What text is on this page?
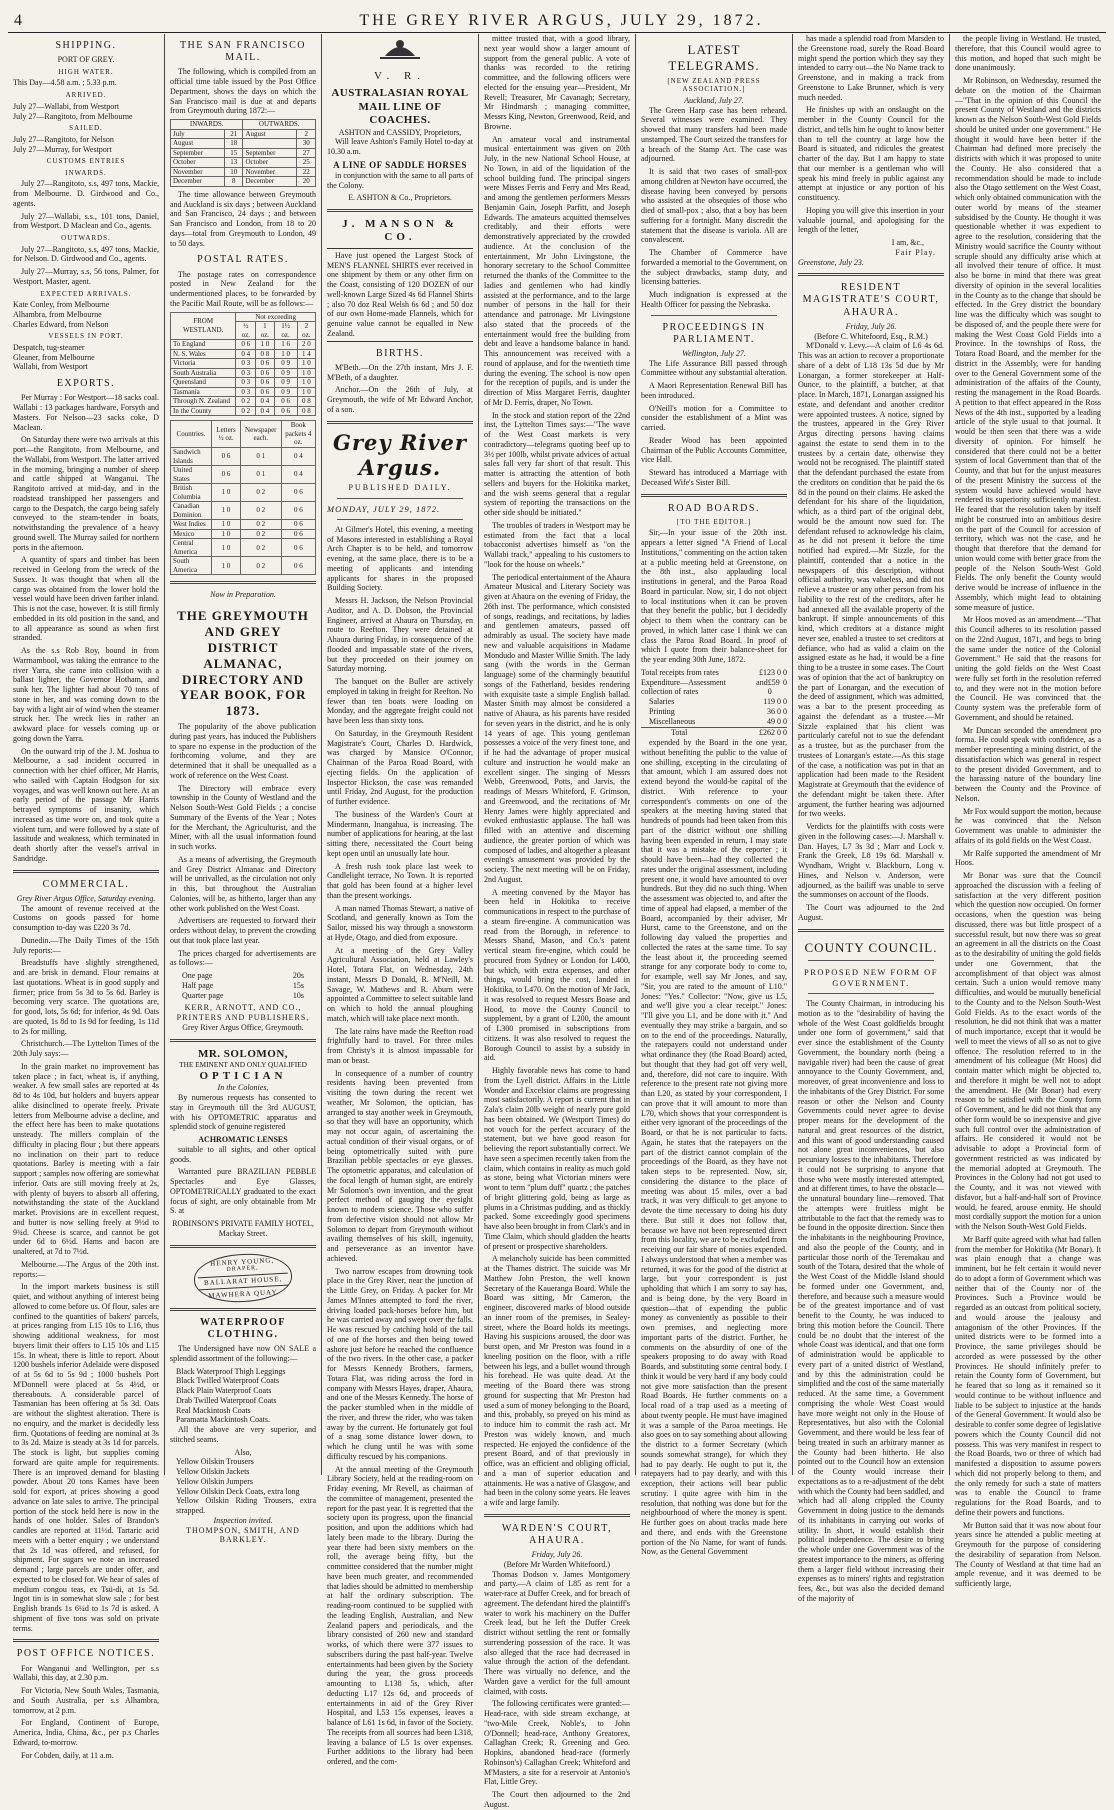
4	THE GREY RIVER ARGUS, JULY 29, 1872.
SHIPPING.
PORT OF GREY.
HIGH WATER.
This Day—4.58 a.m. ; 5.33 p.m.
ARRIVED.
July 27—Wallabi, from Westport
July 27—Rangitoto, from Melbourne
SAILED.
July 27—Rangitoto, for Nelson
July 27—Murray, for Westport
CUSTOMS ENTRIES
INWARDS.

July 27—Rangitoto, s.s, 497 tons, Mackie, from Melbourne. D. Girdwood and Co., agents.

July 27—Wallabi, s.s., 101 tons, Daniel, from Westport. D Maclean and Co., agents.

OUTWARDS.

July 27—Rangitoto, s.s, 497 tons, Mackie, for Nelson. D. Girdwood and Co., agents.

July 27—Murray, s.s, 56 tons, Palmer, for Westport. Master, agent.

EXPECTED ARRIVALS.
Kate Conley, from Melbourne
Alhambra, from Melbourne
Charles Edward, from Nelson
VESSELS IN PORT.
Despatch, tug-steamer
Gleaner, from Melbourne
Wallabi, from Westport
EXPORTS.

Per Murray : For Westport—18 sacks coal. Wallabi : 13 packages hardware, Forsyth and Masters. For Nelson—23 sacks coke, D Maclean.

On Saturday there were two arrivals at this port—the Rangitoto, from Melbourne, and the Wallabi, from Westport. The latter arrived in the morning, bringing a number of sheep and cattle shipped at Wanganui. The Rangitoto arrived at mid-day, and in the roadstead transhipped her passengers and cargo to the Despatch, the cargo being safely conveyed to the steam-tender in boats, notwithstanding the prevalence of a heavy ground swell. The Murray sailed for northern ports in the afternoon.

A quantity of spars and timber has been received in Geelong from the wreck of the Sussex. It was thought that when all the cargo was obtained from the lower hold the vessel would have been driven farther inland. This is not the case, however. It is still firmly embedded in its old position in the sand, and to all appearance as sound as when first stranded.

As the s.s Rob Roy, bound in from Warrnambool, was taking the entrance to the river Yarra, she came into collision with a ballast lighter, the Governor Hotham, and sunk her. The lighter had about 70 tons of stone in her, and was coming down to the bay with a light air of wind when the steamer struck her. The wreck lies in rather an awkward place for vessels coming up or going down the Yarra.

On the outward trip of the J. M. Joshua to Melbourne, a sad incident occurred in connection with her chief officer, Mr Harris, who sailed with Captain Hodgson for six voyages, and was well known out here. At an early period of the passage Mr Harris betrayed symptoms of insanity, which increased as time wore on, and took quite a violent turn, and were followed by a state of lassitude and weakness, which terminated in death shortly after the vessel's arrival in Sandridge.

COMMERCIAL.
Grey River Argus Office, Saturday evening.

The amount of revenue received at the Customs on goods passed for home consumption to-day was £220 3s 7d.

Dunedin.—The Daily Times of the 15th July reports:—

Breadstuffs have slightly strengthened, and are brisk in demand. Flour remains at last quotations. Wheat is in good supply and firmer; price from 5s 3d to 5s 6d. Barley is becoming very scarce. The quotations are, for good, lots, 5s 6d; for inferior, 4s 9d. Oats are quoted, 1s 8d to 1s 9d for feeding, 1s 11d to 2s for milling.

Christchurch.—The Lyttelton Times of the 20th July says:—

In the grain market no improvement has taken place ; in fact, wheat is, if anything, weaker. A few small sales are reported at 4s 8d to 4s 10d, but holders and buyers appear alike disinclined to operate freely. Private letters from Melbourne advise a decline, and the effect here has been to make quotations unsteady. The millers complain of the difficulty in placing flour ; but there appears no inclination on their part to reduce quotations. Barley is meeting with a fair support ; samples now offering are somewhat inferior. Oats are still moving freely at 2s, with plenty of buyers to absorb all offering, notwithstanding the state of the Auckland market. Provisions are in excellent request, and butter is now selling freely at 9½d to 9¾d. Cheese is scarce, and cannot be got under 6d to 6½d. Hams and bacon are unaltered, at 7d to 7½d.

Melbourne.—The Argus of the 20th inst. reports:—

In the import markets business is still quiet, and without anything of interest being allowed to come before us. Of flour, sales are confined to the quantities of bakers' parcels, at prices ranging from L15 10s to L16, thus showing additional weakness, for most buyers limit their offers to L15 10s and L15 15s. In wheat, there is little to report. About 1200 bushels inferior Adelaide were disposed of at 5s 6d to 5s 9d ; 1000 bushels Port M'Donnell were placed at 5s 4½d, or thereabouts. A considerable parcel of Tasmanian has been offering at 5s 3d. Oats are without the slightest alteration. There is no enquiry, and the market is decidedly less firm. Quotations of feeding are nominal at 3s to 3s 2d. Maize is steady at 3s 1d for parcels. The stock is light, but supplies coming forward are quite ample for requirements. There is an improved demand for blasting powder. About 20 tons Kames have been sold for export, at prices showing a good advance on late sales to arrive. The principal portion of the stock held here is now in the hands of one holder. Sales of Brandon's candles are reported at 11½d. Tartaric acid meets with a better enquiry ; we understand that 2s 1d was offered, and refused, for shipment. For sugars we note an increased demand ; large parcels are under offer, and expected to be closed for. We hear of sales of medium congou teas, ex Tsü-di, at 1s 5d. Ingot tin is in somewhat slow sale ; for best English brands 1s 6¼d to 1s 7d is asked. A shipment of five tons was sold on private terms.

POST OFFICE NOTICES.

For Wanganui and Wellington, per s.s Wallabi, this day, at 2.30 p.m.

For Victoria, New South Wales, Tasmania, and South Australia, per s.s Alhambra, tomorrow, at 2 p.m.

For England, Continent of Europe, America, India, China, &c., per p.s Charles Edward, to-morrow.

For Cobden, daily, at 11 a.m.

THE SAN FRANCISCO MAIL.

The following, which is compiled from an official time table issued by the Post Office Department, shows the days on which the San Francisco mail is due at and departs from Greymouth during 1872:—

INWARDS.		OUTWARDS.	
July	21	August	2
August	18		30
September	15	September	27
October	13	October	25
November	10	November	22
December	8	December	20

The time allowance between Greymouth and Auckland is six days ; between Auckland and San Francisco, 24 days ; and between San Francisco and London, from 18 to 20 days—total from Greymouth to London, 49 to 50 days.

POSTAL RATES.

The postage rates on correspondence posted in New Zealand for the undermentioned places, to be forwarded by the Pacific Mail Route, will be as follows:—

FROM WESTLAND.	Not exceeding			
	½ oz.	1 oz.	1½ oz.	2 oz.
To England	0 6	1 0	1 6	2 0
N. S. Wales	0 4	0 8	1 0	1 4
Victoria	0 3	0 6	0 9	1 0
South Australia	0 3	0 6	0 9	1 0
Queensland	0 3	0 6	0 9	1 0
Tasmania	0 3	0 6	0 9	1 0
Through N. Zealand	0 2	0 4	0 6	0 8
In the County	0 2	0 4	0 6	0 8
Countries.	Letters ½ oz.	Newspaper each.	Book packets 4 oz.
Sandwich Islands	0 6	0 1	0 4
United States	0 6	0 1	0 4
British Columbia	1 0	0 2	0 6
Canadian Dominion	1 0	0 2	0 6
West Indies	1 0	0 2	0 6
Mexico	1 0	0 2	0 6
Central America	1 0	0 2	0 6
South America	1 0	0 2	0 6
Now in Preparation.
THE GREYMOUTH AND GREY DISTRICT ALMANAC, DIRECTORY AND YEAR BOOK, FOR 1873.

The popularity of the above publication during past years, has induced the Publishers to spare no expense in the production of the forthcoming volume, and they are determined that it shall be unequalled as a work of reference on the West Coast.

The Directory will embrace every township in the County of Westland and the Nelson South-West Gold Fields ; a concise Summary of the Events of the Year ; Notes for the Merchant, the Agriculturist, and the Miner, with all the usual information found in such works.

As a means of advertising, the Greymouth and Grey District Almanac and Directory will be unrivalled, as the circulation not only in this, but throughout the Australian Colonies, will be, as hitherto, larger than any other work published on the West Coast.

Advertisers are requested to forward their orders without delay, to prevent the crowding out that took place last year.

The prices charged for advertisements are as follows:—

One page	20s
Half page	15s
Quarter page	10s
KERR, ARNOTT, AND CO., PRINTERS AND PUBLISHERS,
Grey River Argus Office, Greymouth.
MR. SOLOMON,
THE EMINENT AND ONLY QUALIFIED
OPTICIAN
In the Colonies,

By numerous requests has consented to stay in Greymouth till the 3rd AUGUST, with his OPTOMETRIC apparatus and splendid stock of genuine registered

ACHROMATIC LENSES

suitable to all sights, and other optical goods.

Warranted pure BRAZILIAN PEBBLE Spectacles and Eye Glasses, OPTOMETRICALLY graduated to the exact focus of sight, are only obtainable from Mr S. at

ROBINSON'S PRIVATE FAMILY HOTEL, Mackay Street.
HENRY YOUNG,
DRAPER,
BALLARAT HOUSE,
MAWHERA QUAY.
WATERPROOF CLOTHING.

The Undersigned have now ON SALE a splendid assortment of the following:—

Black Waterproof Thigh Leggings
Black Twilled Waterproof Coats
Black Plain Waterproof Coats
Drab Twilled Waterproof Coats
Real Mackintosh Coats
Paramatta Mackintosh Coats.

All the above are very superior, and stitched seams.

Also,
Yellow Oilskin Trousers
Yellow Oilskin Jackets
Yellow Oilskin Jumpers
Yellow Oilskin Deck Coats, extra long
Yellow Oilskin Riding Trousers, extra strapped.
Inspection invited.
THOMPSON, SMITH, AND BARKLEY.
V. R.
AUSTRALASIAN ROYAL MAIL LINE OF COACHES.
ASHTON and CASSIDY, Proprietors,

Will leave Ashton's Family Hotel to-day at 10.30 a.m.

A LINE OF SADDLE HORSES

in conjunction with the same to all parts of the Colony.

E. ASHTON & Co., Proprietors.
J. MANSON & CO.

Have just opened the Largest Stock of MEN'S FLANNEL SHIRTS ever received in one shipment by them or any other firm on the Coast, consisting of 120 DOZEN of our well-known Large Sized 4s 6d Flannel Shirts ; also 70 doz Real Welsh 6s 6d ; and 50 doz of our own Home-made Flannels, which for genuine value cannot be equalled in New Zealand.

BIRTHS.

M'Beth.—On the 27th instant, Mrs J. F. M'Beth, of a daughter.

Anchor.—On the 26th of July, at Greymouth, the wife of Mr Edward Anchor, of a son.

Grey River Argus.
PUBLISHED DAILY.
MONDAY, JULY 29, 1872.

At Gilmer's Hotel, this evening, a meeting of Masons interested in establishing a Royal Arch Chapter is to be held, and tomorrow evening, at the same place, there is to be a meeting of applicants and intending applicants for shares in the proposed Building Society.

Messrs H. Jackson, the Nelson Provincial Auditor, and A. D. Dobson, the Provincial Engineer, arrived at Ahaura on Thursday, en route to Reefton. They were detained at Ahaura during Friday, in consequence of the flooded and impassable state of the rivers, but they proceeded on their journey on Saturday morning.

The banquet on the Buller are actively employed in taking in freight for Reefton. No fewer than ten boats were loading on Monday, and the aggregate freight could not have been less than sixty tons.

On Saturday, in the Greymouth Resident Magistrate's Court, Charles D. Hardwick, was charged by Mansice O'Connor, Chairman of the Paroa Road Board, with ejecting fields. On the application of Inspector Hickson, the case was remanded until Friday, 2nd August, for the production of further evidence.

The business of the Warden's Court at Mindermann, Inangahua, is increasing. The number of applications for hearing, at the last sitting there, necessitated the Court being kept open until an unusually late hour.

A fresh rush took place last week to Candlelight terrace, No Town. It is reported that gold has been found at a higher level than the present workings.

A man named Thomas Stewart, a native of Scotland, and generally known as Tom the Sailor, missed his way through a snowstorm at Hyde, Otago, and died from exposure.

At a meeting of the Grey Valley Agricultural Association, held at Lawley's Hotel, Totara Flat, on Wednesday, 24th instant, Messrs D Donald, R. M'Neill, M. Savage, W. Mathews and R. Aburn were appointed a Committee to select suitable land on which to hold the annual ploughing match, which will take place next month.

The late rains have made the Reefton road frightfully hard to travel. For three miles from Christy's it is almost impassable for man or beast.

In consequence of a number of country residents having been prevented from visiting the town during the recent wet weather, Mr Solomon, the optician, has arranged to stay another week in Greymouth, so that they will have an opportunity, which may not occur again, of ascertaining the actual condition of their visual organs, or of being optometrically suited with pure Brazilian pebble spectacles or eye glasses. The optometric apparatus, and calculation of the focal length of human sight, are entirely Mr Solomon's own invention, and the great perfect method of gauging the eyesight known to modern science. Those who suffer from defective vision should not allow Mr Solomon to depart from Greymouth without availing themselves of his skill, ingenuity, and perseverance as an inventor have achieved.

Two narrow escapes from drowning took place in the Grey River, near the junction of the Little Grey, on Friday. A packer for Mr James M'Innes attempted to ford the river, driving loaded pack-horses before him, but he was carried away and swept over the falls. He was rescued by catching hold of the tail of one of the horses and then being towed ashore just before he reached the confluence of the two rivers. In the other case, a packer for Messrs Kennedy Brothers, farmers, Totara Flat, was riding across the ford in company with Messrs Hayes, draper, Ahaura, and one of the Messrs Kennedy. The horse of the packer stumbled when in the middle of the river, and threw the rider, who was taken away by the current. He fortunately got foul of a snag some distance lower down, to which he clung until he was with some difficulty rescued by his companions.

At the annual meeting of the Greymouth Library Society, held at the reading-room on Friday evening, Mr Revell, as chairman of the committee of management, presented the report for the past year. It is regretted that the society upon its progress, upon the financial position, and upon the additions which had lately been made to the library. During the year there had been sixty members on the roll, the average being fifty, but the committee considered that the number might have been much greater, and recommended that ladies should be admitted to membership at half the ordinary subscription. The reading-room continued to be supplied with the leading English, Australian, and New Zealand papers and periodicals, and the library consisted of 260 new and standard works, of which there were 377 issues to subscribers during the past half-year. Twelve entertainments had been given by the Society during the year, the gross proceeds amounting to L138 5s, which, after deducting L17 12s 6d, and proceeds of entertainments in aid of the Grey River Hospital, and L53 15s expenses, leaves a balance of L61 1s 6d, in favor of the Society. The receipts from all sources had been L318, leaving a balance of L5 1s over expenses. Further additions to the library had been ordered, and the com-

mittee trusted that, with a good library, next year would show a larger amount of support from the general public. A vote of thanks was recorded to the retiring committee, and the following officers were elected for the ensuing year—President, Mr Revell; Treasurer, Mr Cavanagh; Secretary, Mr Hindmarsh ; managing committee, Messrs King, Newton, Greenwood, Reid, and Browne.

An amateur vocal and instrumental musical entertainment was given on 20th July, in the new National School House, at No Town, in aid of the liquidation of the school building fund. The principal singers were Misses Ferris and Ferry and Mrs Read, and among the gentlemen performers Messrs Benjamin Gain, Joseph Parfitt, and Joseph Edwards. The amateurs acquitted themselves creditably, and their efforts were demonstratively appreciated by the crowded audience. At the conclusion of the entertainment, Mr John Livingstone, the honorary secretary to the School Committee returned the thanks of the Committee to the ladies and gentlemen who had kindly assisted at the performance, and to the large number of persons in the hall for their attendance and patronage. Mr Livingstone also stated that the proceeds of the entertainment would free the building from debt and leave a handsome balance in hand. This announcement was received with a round of applause, and for the twentieth time during the evening. The school is now open for the reception of pupils, and is under the direction of Miss Margaret Ferris, daughter of Mr D. Ferris, draper, No Town.

In the stock and station report of the 22nd inst, the Lyttelton Times says:—"The wave of the West Coast markets is very contradictory—telegrams quoting beef up to 3½ per 100lb, whilst private advices of actual sales fall very far short of that result. This matter is attracting the attention of both sellers and buyers for the Hokitika market, and the wish seems general that a regular system of reporting the transactions on the other side should be initiated."

The troubles of traders in Westport may be estimated from the fact that a local tobacconist advertises himself as "on the Wallabi track," appealing to his customers to "look for the house on wheels."

The periodical entertainment of the Ahaura Amateur Musical and Literary Society was given at Ahaura on the evening of Friday, the 26th inst. The performance, which consisted of songs, readings, and recitations, by ladies and gentlemen amateurs, passed off admirably as usual. The society have made new and valuable acquisitions in Madame Mondudo and Master Willie Smith. The lady sang (with the words in the German language) some of the charmingly beautiful songs of the Fatherland, besides rendering with exquisite taste a simple English ballad. Master Smith may almost be considered a native of Ahaura, as his parents have resided for seven years in the district, and he is only 14 years of age. This young gentleman possesses a voice of the very finest tone, and if he had the advantage of proper musical culture and instruction he would make an excellent singer. The singing of Messrs Webb, Greenwood, Potts, and Jarvis, the readings of Messrs Whiteford, F. Grimson, and Greenwood, and the recitations of Mr Henry James were highly appreciated and evoked enthusiastic applause. The hall was filled with an attentive and discerning audience, the greater portion of which was composed of ladies, and altogether a pleasant evening's amusement was provided by the society. The next meeting will be on Friday, 2nd August.

A meeting convened by the Mayor has been held in Hokitika to receive communications in respect to the purchase of a steam fire-engine. A communication was read from the Borough, in reference to Messrs Shand, Mason, and Co.'s patent vertical steam fire-engine, which could be procured from Sydney or London for L400, but which, with extra expenses, and other things, would bring the cost, landed in Hokitika, to L470. On the motion of Mr Jack, it was resolved to request Messrs Boase and Hood, to move the County Council to supplement, by a grant of L200, the amount of L300 promised in subscriptions from citizens. It was also resolved to request the Borough Council to assist by a subsidy in aid.

Highly favorable news has come to hand from the Lyell district. Affairs in the Little Wonder and Excelsior claims are progressing most satisfactorily. A report is current that in Zala's claim 20lb weight of nearly pure gold has been obtained. We (Westport Times) do not vouch for the perfect accuracy of the statement, but we have good reason for believing the report substantially correct. We have seen a specimen recently taken from the claim, which contains in reality as much gold as stone, being what Victorian miners were wont to term "plum duff" quartz ; the patches of bright glittering gold, being as large as plums in a Christmas pudding, and as thickly packed. Some exceedingly good specimens have also been brought in from Clark's and in Time Claim, which should gladden the hearts of present or prospective shareholders.

A melancholy suicide has been committed at the Thames district. The suicide was Mr Matthew John Preston, the well known Secretary of the Kaueranga Board. While the Board was sitting, Mr Cameron, the engineer, discovered marks of blood outside an inner room of the premises, in Sealey-street, where the Board holds its meetings. Having his suspicions aroused, the door was burst open, and Mr Preston was found in a kneeling position on the floor, with a rifle between his legs, and a bullet wound through his forehead. He was quite dead. At the meeting of the Board there was strong ground for suspecting that Mr Preston had used a sum of money belonging to the Board, and this, probably, so preyed on his mind as to induce him to commit the rash act. Mr Preston was widely known, and much respected. He enjoyed the confidence of the present Board, and of that previously in office, was an efficient and obliging official, and a man of superior education and attainments. He was a native of Glasgow, and had been in the colony some years. He leaves a wife and large family.

WARDEN'S COURT, AHAURA.
Friday, July 26.
(Before Mr Warden Whitefoord.)

Thomas Dodson v. James Montgomery and party.—A claim of L85 as rent for a water-race at Duffer Creek, and for breach of agreement. The defendant hired the plaintiff's water to work his machinery on the Duffer Creek lead, but he left the Duffer Creek district without settling the rent or formally surrendering possession of the race. It was also alleged that the race had decreased in value through the action of the defendant. There was virtually no defence, and the Warden gave a verdict for the full amount claimed, with costs.

The following certificates were granted:—Head-race, with side stream exchange, at "two-Mile Creek, Noble's, to John O'Donnell; head-race, Anthony Greatorex, Callaghan Creek; R. Greening and Geo. Hopkins, abandoned head-race (formerly Robinson's) Callaghan Creek; Whiteford and M'Masters, a site for a reservoir at Antonio's Flat, Little Grey.

The Court then adjourned to the 2nd August.

LATEST TELEGRAMS.
[NEW ZEALAND PRESS ASSOCIATION.]
Auckland, July 27.

The Green Harp case has been reheard. Several witnesses were examined. They showed that many transfers had been made unstamped. The Court seized the transfers for a breach of the Stamp Act. The case was adjourned.

It is said that two cases of small-pox among children at Newton have occurred, the disease having been conveyed by persons who assisted at the obsequies of those who died of small-pox ; also, that a boy has been suffering for a fortnight. Many discredit the statement that the disease is variola. All are convalescent.

The Chamber of Commerce have forwarded a memorial to the Government, on the subject drawbacks, stamp duty, and licensing batteries.

Much indignation is expressed at the Health Officer for passing the Nebraska.

PROCEEDINGS IN PARLIAMENT.
Wellington, July 27.

The Life Assurance Bill passed through Committee without any substantial alteration.

A Maori Representation Renewal Bill has been introduced.

O'Neill's motion for a Committee to consider the establishment of a Mint was carried.

Reader Wood has been appointed Chairman of the Public Accounts Committee, vice Hall.

Steward has introduced a Marriage with Deceased Wife's Sister Bill.

ROAD BOARDS.
[TO THE EDITOR.]

Sir,—In your issue of the 20th inst. appears a letter signed "A Friend of Local Institutions," commenting on the action taken at a public meeting held at Greenstone, on the 8th inst., also applauding local institutions in general, and the Paroa Road Board in particular. Now, sir, I do not object to local institutions when it can be proven that they benefit the public, but I decidedly object to them when the contrary can be proved, in which latter case I think we can class the Paroa Road Board. In proof of which I quote from their balance-sheet for the year ending 30th June, 1872.

Total receipts from rates	£123 0 0
Expenditure—Assessment and collection of rates
£59 0 0
Salaries	119 0 0
Printing	36 0 0
Miscellaneous	49 0 0
Total	£262 0 0

expended by the Board in the one year, without benefiting the public to the value of one shilling, excepting in the circulating of that amount, which I am assured does not extend beyond the would-be capital of the district. With reference to your correspondent's comments on one of the speakers at the meeting having stated that hundreds of pounds had been taken from this part of the district without one shilling having been expended in return, I may state that it was a mistake of the reporter ; it should have been—had they collected the rates under the original assessment, including present one, it would have amounted to over hundreds. But they did no such thing. When the assessment was objected to, and after the time of appeal had elapsed, a member of the Board, accompanied by their adviser, Mr Hurst, came to the Greenstone, and on the following day valued the properties and collected the rates at the same time. To say the least about it, the proceeding seemed strange for any corporate body to come to, for example, well say Mr Jones, and say, "Sir, you are rated to the amount of L10." Jones: "Yes." Collector: "Now, give us L5, and we'll give you a clear receipt." Jones: "I'll give you L1, and be done with it." And eventually they may strike a bargain, and so on to the end of the proceedings. Naturally, the ratepayers could not understand under what ordinance they (the Road Board) acted, but thought that they had got off very well, and, therefore, did not care to inquire. With reference to the present rate not giving more than L20, as stated by your correspondent, I can prove that it will amount to more than L70, which shows that your correspondent is either very ignorant of the proceedings of the Board, or that he is not particular to facts. Again, he states that the ratepayers on the part of the district cannot complain of the proceedings of the Board, as they have not taken steps to be represented. Now, sir, considering the distance to the place of meeting was about 15 miles, over a bad track, it was very difficult to get anyone to devote the time necessary to doing his duty there. But still it does not follow that, because we have not been represented direct from this locality, we are to be excluded from receiving our fair share of monies expended. I always understood that when a member was returned, it was for the good of the district at large, but your correspondent is just upholding that which I am sorry to say has, and is being done, by the very Board in question—that of expending the public money as conveniently as possible to their own premises, and neglecting more important parts of the district. Further, he comments on the absurdity of one of the speakers proposing to do away with Road Boards, and substituting some central body. I think it would be very hard if any body could not give more satisfaction than the present Road Boards. He further comments on a local road of a trap used as a meeting of about twenty people. He must have imagined it was a sample of the Paroa meetings. He also goes on to say something about allowing the district to a former Secretary (which sounds somewhat strange), for which they had to pay dearly. He ought to put it, the ratepayers had to pay dearly, and with this exception, their actions will bear public scrutiny. I quite agree with him in the resolution, that nothing was done but for the neighbourhood of where the money is spent. He further goes on about tracks made here and there, and ends with the Greenstone portion of the No Name, for want of funds. Now, as the General Government

has made a splendid road from Marsden to the Greenstone road, surely the Road Board might spend the portion which they say they intended to carry out—the No Name track to Greenstone, and in making a track from Greenstone to Lake Brunner, which is very much needed.

He finishes up with an onslaught on the member in the County Council for the district, and tells him he ought to know better than to tell the country at large how the Board is situated, and ridicules the greatest charter of the day. But I am happy to state that our member is a gentleman who will speak his mind freely in public against any attempt at injustice or any portion of his constituency.

Hoping you will give this insertion in your valuable journal, and apologising for the length of the letter,

I am, &c.,
Fair Play.
Greenstone, July 23.
RESIDENT MAGISTRATE'S COURT, AHAURA.
Friday, July 26.
(Before C. Whitefoord, Esq., R.M.)

M'Donald v. Levy.—A claim of L6 4s 6d. This was an action to recover a proportionate share of a debt of L18 13s 5d due by Mr Lonargan, a former storekeeper at Half-Ounce, to the plaintiff, a butcher, at that place. In March, 1871, Lonargan assigned his estate, and defendant and another creditor were appointed trustees. A notice, signed by the trustees, appeared in the Grey River Argus directing persons having claims against the estate to send them in to the trustees by a certain date, otherwise they would not be recognised. The plaintiff stated that the defendant purchased the estate from the creditors on condition that he paid the 6s 8d in the pound on their claims. He asked the defendant for his share of the liquidation, which, as a third part of the original debt, would be the amount now sued for. The defendant refused to acknowledge his claim, as he did not present it before the time notified had expired.—Mr Sizzle, for the plaintiff, contended that a notice in the newspapers of this description, without official authority, was valueless, and did not relieve a trustee or any other person from his liability to the rest of the creditors, after he had annexed all the available property of the bankrupt. If simple announcements of this kind, which creditors at a distance might never see, enabled a trustee to set creditors at defiance, who had as valid a claim on the assigned estate as he had, it would be a fine thing to be a trustee in some cases. The Court was of opinion that the act of bankruptcy on the part of Lonargan, and the execution of the deed of assignment, which was admitted, was a bar to the present proceeding as against the defendant as a trustee.—Mr Sizzle explained that his client was particularly careful not to sue the defendant as a trustee, but as the purchaser from the trustees of Lonargan's estate.—As this stage of the case, a notification was put in that an application had been made to the Resident Magistrate at Greymouth that the evidence of the defendant might be taken there. After argument, the further hearing was adjourned for two weeks.

Verdicts for the plaintiffs with costs were given in the following cases:—J. Marshall v. Dan. Hayes, L7 3s 3d ; Marr and Lock v. Frank the Greek, L8 19s 6d. Marshall v. Wyndham, Wright v. Blackburn, Long v. Hines, and Nelson v. Anderson, were adjourned, as the bailiff was unable to serve the summonses on account of the floods.

The Court was adjourned to the 2nd August.

COUNTY COUNCIL.
PROPOSED NEW FORM OF GOVERNMENT.

The County Chairman, in introducing his motion as to the "desirability of having the whole of the West Coast goldfields brought under one form of government," said that ever since the establishment of the County Government, the boundary north (being a navigable river) had been the cause of great annoyance to the County Government, and, moreover, of great inconvenience and loss to the inhabitants of the Grey District. For some reason or other the Nelson and County Governments could never agree to devise proper means for the development of the natural and great resources of the district, and this want of good understanding caused not alone great inconveniences, but also pecuniary losses to the inhabitants. Therefore it could not be surprising to anyone that those who were mostly interested attempted, and at different times, to have the obstacle—the unnatural boundary line—removed. That the attempts were fruitless might be attributable to the fact that the remedy was to be found in the opposite direction. Since then the inhabitants in the neighbouring Province, and also the people of the County, and in particular those north of the Teremakau and south of the Totara, desired that the whole of the West Coast of the Middle Island should be formed under one Government, and, therefore, and because such a measure would be of the greatest importance and of vast benefit to the County, he was induced to bring this motion before the Council. There could be no doubt that the interest of the whole Coast was identical, and that one form of administration would be applicable to every part of a united district of Westland, and by this the administration could be simplified and the cost of the same materially reduced. At the same time, a Government comprising the whole West Coast would have more weight not only in the House of Representatives, but also with the Colonial Government, and there would be less fear of being treated in such an arbitrary manner as the County had been hitherto. He also pointed out to the Council how an extension of the County would increase their expectations as to a re-adjustment of the debt with which the County had been saddled, and which had all along crippled the County Government in doing justice to the demands of its inhabitants in carrying out works of utility. In short, it would establish their political independence. The desire to bring the whole under one Government was of the greatest importance to the miners, as offering them a larger field without increasing their expenses as to miners' rights and registration fees, &c., but was also the decided demand of the majority of

the people living in Westland. He trusted, therefore, that this Council would agree to this motion, and hoped that such might be done unanimously.

Mr Robinson, on Wednesday, resumed the debate on the motion of the Chairman—"That in the opinion of this Council the present County of Westland and the districts known as the Nelson South-West Gold Fields should be united under one government." He thought it would have been better if the Chairman had defined more precisely the districts with which it was proposed to unite the County. He also considered that a recommendation should be made to include also the Otago settlement on the West Coast, which only obtained communication with the outer world by means of the steamer subsidised by the County. He thought it was questionable whether it was expedient to agree to the resolution, considering that the Ministry would sacrifice the County without scruple should any difficulty arise which at all involved their tenure of office. It must also be borne in mind that there was great diversity of opinion in the several localities in the County as to the change that should be effected. In the Grey district the boundary line was the difficulty which was sought to be disposed of, and the people there were for making the West Coast Gold Fields into a Province. In the townships of Ross, the Totara Road Board, and the member for the district in the Assembly, were for handing over to the General Government some of the administration of the affairs of the County, resting the management in the Road Boards. A petition to that effect appeared in the Ross News of the 4th inst., supported by a leading article of the style usual to that journal. It would be then seen that there was a wide diversity of opinion. For himself he considered that there could not be a better system of local Government than that of the County, and that but for the unjust measures of the present Ministry the success of the system would have achieved would have rendered its superiority sufficiently manifest. He feared that the resolution taken by itself might be construed into an ambitious desire on the part of the Council for accession of territory, which was not the case, and he thought that therefore that the demand for union would come with better grace from the people of the Nelson South-West Gold Fields. The only benefit the County would derive would be increase of influence in the Assembly, which might lead to obtaining some measure of justice.

Mr Hoos moved as an amendment—"That this Council adheres to its resolution passed on the 22nd August, 1871, and begs to bring the same under the notice of the Colonial Government." He said that the reasons for uniting the gold fields on the West Coast were fully set forth in the resolution referred to, and they were not in the motion before the Council. He was convinced that the County system was the preferable form of Government, and should be retained.

Mr Duncan seconded the amendment pro forma. He could speak with confidence, as a member representing a mining district, of the dissatisfaction which was general in respect to the present divided Government, and to the harassing nature of the boundary line between the County and the Province of Nelson.

Mr Fox would support the motion, because he was convinced that the Nelson Government was unable to administer the affairs of its gold fields on the West Coast.

Mr Ralfe supported the amendment of Mr Hoos.

Mr Bonar was sure that the Council approached the discussion with a feeling of satisfaction at the very different position which the question now occupied. On former occasions, when the question was being discussed, there was but little prospect of a successful result, but now there was so great an agreement in all the districts on the Coast as to the desirability of uniting the gold fields under one Government, that the accomplishment of that object was almost certain. Such a union would remove many difficulties, and would be mutually beneficial to the County and to the Nelson South-West Gold Fields. As to the exact words of the resolution, he did not think that was a matter of much importance, except that it would be well to meet the views of all so as not to give offence. The resolution referred to in the amendment of his colleague (Mr Hoos) did contain matter which might be objected to, and therefore it might be well not to adopt the amendment. He (Mr Bonar) had every reason to be satisfied with the County form of Government, and he did not think that any other form would be so inexpensive and give such full control over the administration of affairs. He considered it would not be advisable to adopt a Provincial form of government restricted as was indicated by the memorial adopted at Greymouth. The Provinces in the Colony had not got used to the County, and it was not viewed with disfavor, but a half-and-half sort of Province would, he feared, arouse enmity. He should most cordially support the motion for a union with the Nelson South-West Gold Fields.

Mr Barff quite agreed with what had fallen from the member for Hokitika (Mr Bonar). It was plain enough that a change was imminent, but he felt certain it would never do to adopt a form of Government which was neither that of the County nor of the Provinces. Such a Province would be regarded as an outcast from political society, and would arouse the jealousy and antagonism of the other Provinces. If the united districts were to be formed into a Province, the same privileges should be accorded as were possessed by the other Provinces. He should infinitely prefer to retain the County form of Government, but he feared that so long as it remained so it would continue to be without influence and liable to be subject to injustice at the hands of the General Government. It would also be desirable to confer some degree of legislative powers which the County Council did not possess. This was very manifest in respect to the Road Boards, two or three of which had manifested a disposition to assume powers which did not properly belong to them, and the only remedy for such a state of matters was to enable the Council to frame regulations for the Road Boards, and to define their powers and functions.

Mr Button said that it was now about four years since he attended a public meeting at Greymouth for the purpose of considering the desirability of separation from Nelson. The County of Westland at that time had an ample revenue, and it was deemed to be sufficiently large,
